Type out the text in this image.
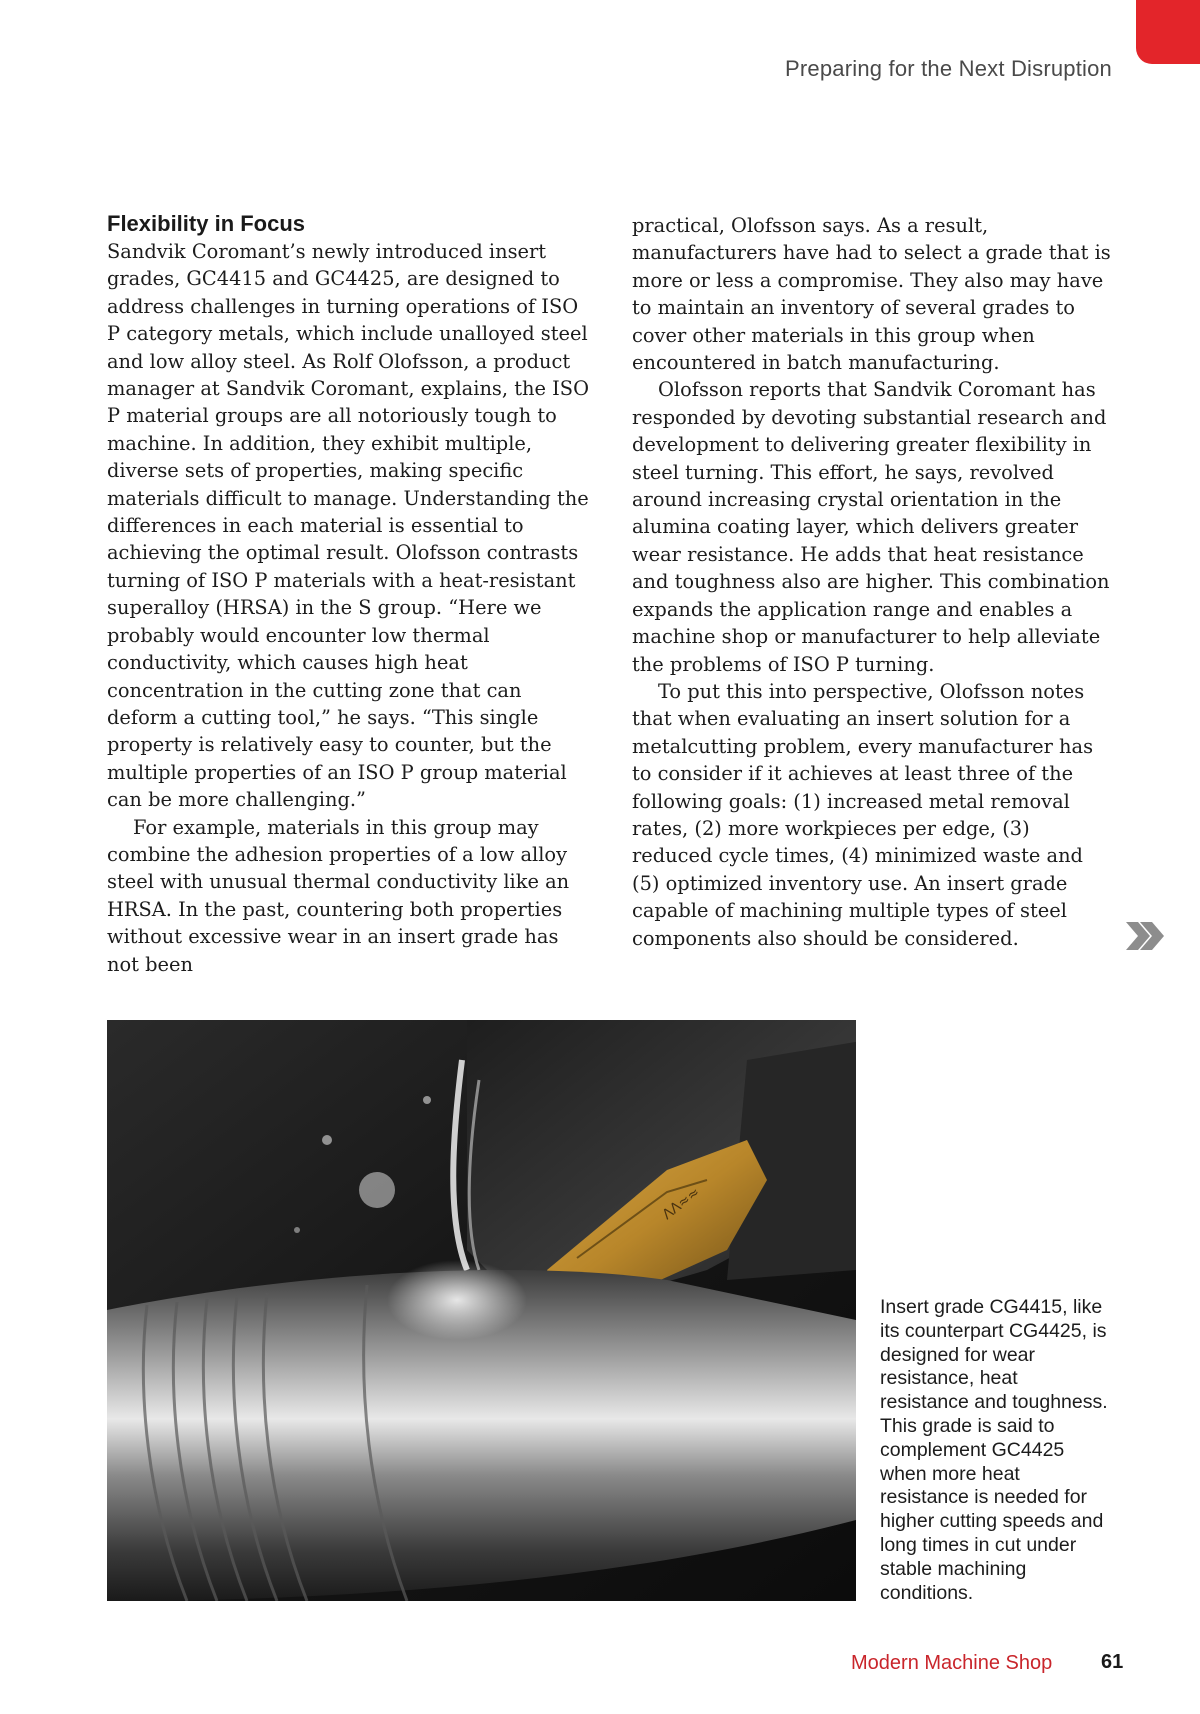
Preparing for the Next Disruption
Flexibility in Focus

Sandvik Coromant’s newly introduced insert grades, GC4415 and GC4425, are designed to address challenges in turning operations of ISO P category metals, which include unalloyed steel and low alloy steel. As Rolf Olofsson, a product manager at Sandvik Coromant, explains, the ISO P material groups are all notoriously tough to machine. In addition, they exhibit multiple, diverse sets of properties, making specific materials difficult to manage. Understanding the differences in each material is essential to achieving the optimal result. Olofsson contrasts turning of ISO P materials with a heat-resistant superalloy (HRSA) in the S group. “Here we probably would encounter low thermal conductivity, which causes high heat concentration in the cutting zone that can deform a cutting tool,” he says. “This single property is relatively easy to counter, but the multiple properties of an ISO P group material can be more challenging.”

For example, materials in this group may combine the adhesion properties of a low alloy steel with unusual thermal conductivity like an HRSA. In the past, countering both properties without excessive wear in an insert grade has not been

practical, Olofsson says. As a result, manufacturers have had to select a grade that is more or less a compromise. They also may have to maintain an inventory of several grades to cover other materials in this group when encountered in batch manufacturing.

Olofsson reports that Sandvik Coromant has responded by devoting substantial research and development to delivering greater flexibility in steel turning. This effort, he says, revolved around increasing crystal orientation in the alumina coating layer, which delivers greater wear resistance. He adds that heat resistance and toughness also are higher. This combination expands the application range and enables a machine shop or manufacturer to help alleviate the problems of ISO P turning.

To put this into perspective, Olofsson notes that when evaluating an insert solution for a metalcutting problem, every manufacturer has to consider if it achieves at least three of the following goals: (1) increased metal removal rates, (2) more workpieces per edge, (3) reduced cycle times, (4) minimized waste and (5) optimized inventory use. An insert grade capable of machining multiple types of steel components also should be considered.

ΛΛ≈≈
Insert grade CG4415, like its counterpart CG4425, is designed for wear resistance, heat resistance and toughness. This grade is said to complement GC4425 when more heat resistance is needed for higher cutting speeds and long times in cut under stable machining conditions.
Modern Machine Shop 61
